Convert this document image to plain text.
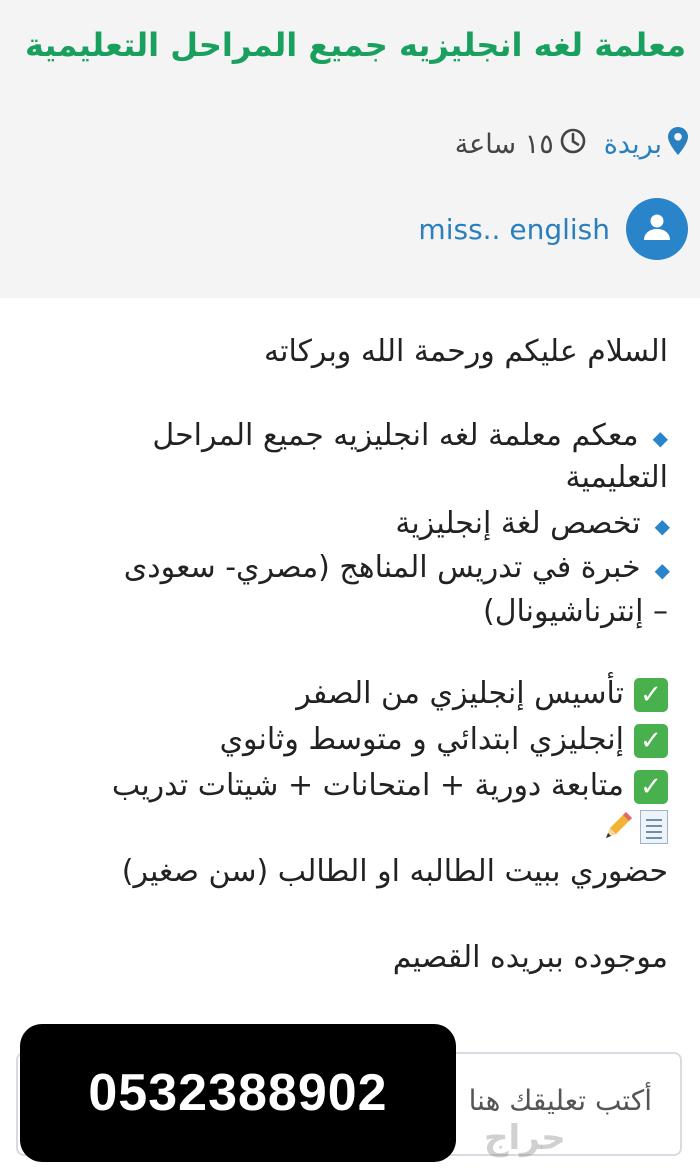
معلمة لغه انجليزيه جميع المراحل التعليمية
بريدة
١٥ ساعة
miss.. english
السلام عليكم ورحمة الله وبركاته
◆معكم معلمة لغه انجليزيه جميع المراحل
التعليمية
◆تخصص لغة إنجليزية
◆خبرة في تدريس المناهج (مصري- سعودى
– إنترناشيونال)
✓تأسيس إنجليزي من الصفر
✓إنجليزي ابتدائي و متوسط وثانوي
✓متابعة دورية + امتحانات + شيتات تدريب
حضوري ببيت الطالبه او الطالب (سن صغير)
موجوده ببريده القصيم
أكتب تعليقك هنا
حراج
0532388902
